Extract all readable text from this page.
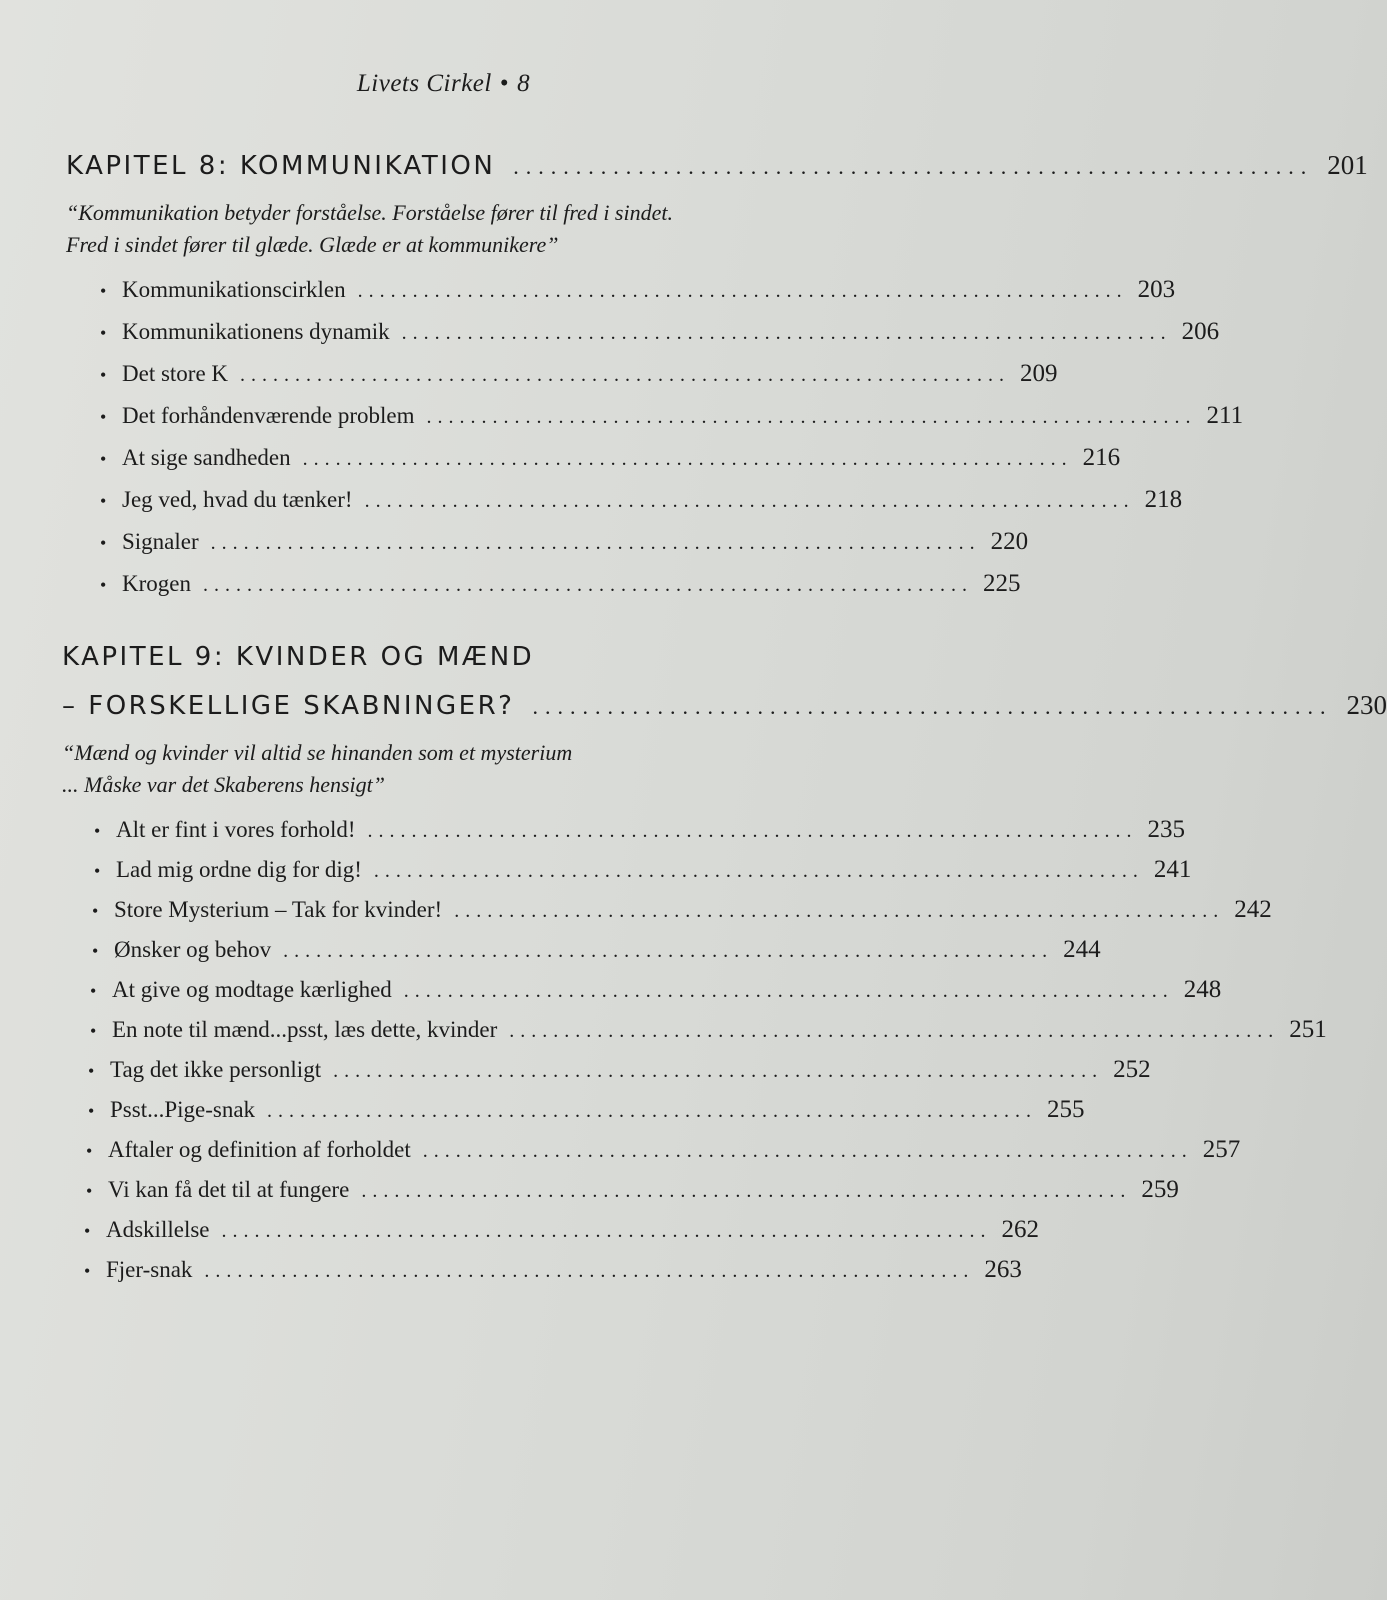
Livets Cirkel • 8
KAPITEL 8: KOMMUNIKATION ................................................................ 201
“Kommunikation betyder forståelse. Forståelse fører til fred i sindet.
Fred i sindet fører til glæde. Glæde er at kommunikere”
• Kommunikationscirklen ...................................................................... 203
• Kommunikationens dynamik ...................................................................... 206
• Det store K ...................................................................... 209
• Det forhåndenværende problem ...................................................................... 211
• At sige sandheden ...................................................................... 216
• Jeg ved, hvad du tænker! ...................................................................... 218
• Signaler ...................................................................... 220
• Krogen ...................................................................... 225
KAPITEL 9: KVINDER OG MÆND
– FORSKELLIGE SKABNINGER? ................................................................ 230
“Mænd og kvinder vil altid se hinanden som et mysterium
... Måske var det Skaberens hensigt”
• Alt er fint i vores forhold! ...................................................................... 235
• Lad mig ordne dig for dig! ...................................................................... 241
• Store Mysterium – Tak for kvinder! ...................................................................... 242
• Ønsker og behov ...................................................................... 244
• At give og modtage kærlighed ...................................................................... 248
• En note til mænd...psst, læs dette, kvinder ...................................................................... 251
• Tag det ikke personligt ...................................................................... 252
• Psst...Pige-snak ...................................................................... 255
• Aftaler og definition af forholdet ...................................................................... 257
• Vi kan få det til at fungere ...................................................................... 259
• Adskillelse ...................................................................... 262
• Fjer-snak ...................................................................... 263
